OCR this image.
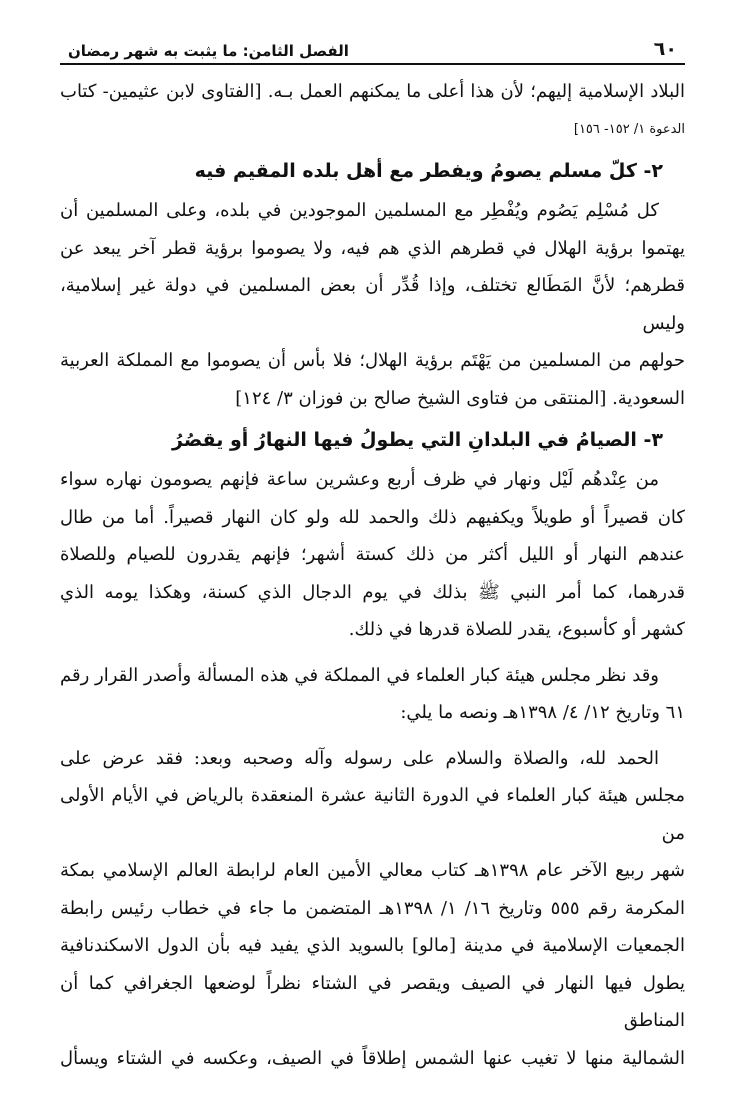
٦٠
الفصل الثامن: ما يثبت به شهر رمضان

البلاد الإسلامية إليهم؛ لأن هذا أعلى ما يمكنهم العمل بـه. [الفتاوى لابن عثيمين- كتاب

الدعوة ١/ ١٥٢- ١٥٦]

٢- كلّ مسلم يصومُ ويفطر مع أهل بلده المقيم فيه

كل مُسْلِم يَصُوم ويُفْطِر مع المسلمين الموجودين في بلده، وعلى المسلمين أن

يهتموا برؤية الهلال في قطرهم الذي هم فيه، ولا يصوموا برؤية قطر آخر يبعد عن

قطرهم؛ لأنَّ المَطَالع تختلف، وإذا قُدِّر أن بعض المسلمين في دولة غير إسلامية، وليس

حولهم من المسلمين من يَهْتَم برؤية الهلال؛ فلا بأس أن يصوموا مع المملكة العربية

السعودية. [المنتقى من فتاوى الشيخ صالح بن فوزان ٣/ ١٢٤]

٣- الصيامُ في البلدانِ التي يطولُ فيها النهارُ أو يقصُرُ

من عِنْدهُم لَيْل ونهار في ظرف أربع وعشرين ساعة فإنهم يصومون نهاره سواء

كان قصيراً أو طويلاً ويكفيهم ذلك والحمد لله ولو كان النهار قصيراً. أما من طال

عندهم النهار أو الليل أكثر من ذلك كستة أشهر؛ فإنهم يقدرون للصيام وللصلاة

قدرهما، كما أمر النبي ﷺ بذلك في يوم الدجال الذي كسنة، وهكذا يومه الذي

كشهر أو كأسبوع، يقدر للصلاة قدرها في ذلك.

وقد نظر مجلس هيئة كبار العلماء في المملكة في هذه المسألة وأصدر القرار رقم

٦١ وتاريخ ١٢/ ٤/ ١٣٩٨هـ ونصه ما يلي:

الحمد لله، والصلاة والسلام على رسوله وآله وصحبه وبعد: فقد عرض على

مجلس هيئة كبار العلماء في الدورة الثانية عشرة المنعقدة بالرياض في الأيام الأولى من

شهر ربيع الآخر عام ١٣٩٨هـ كتاب معالي الأمين العام لرابطة العالم الإسلامي بمكة

المكرمة رقم ٥٥٥ وتاريخ ١٦/ ١/ ١٣٩٨هـ المتضمن ما جاء في خطاب رئيس رابطة

الجمعيات الإسلامية في مدينة [مالو] بالسويد الذي يفيد فيه بأن الدول الاسكندنافية

يطول فيها النهار في الصيف ويقصر في الشتاء نظراً لوضعها الجغرافي كما أن المناطق

الشمالية منها لا تغيب عنها الشمس إطلاقاً في الصيف، وعكسه في الشتاء ويسأل
